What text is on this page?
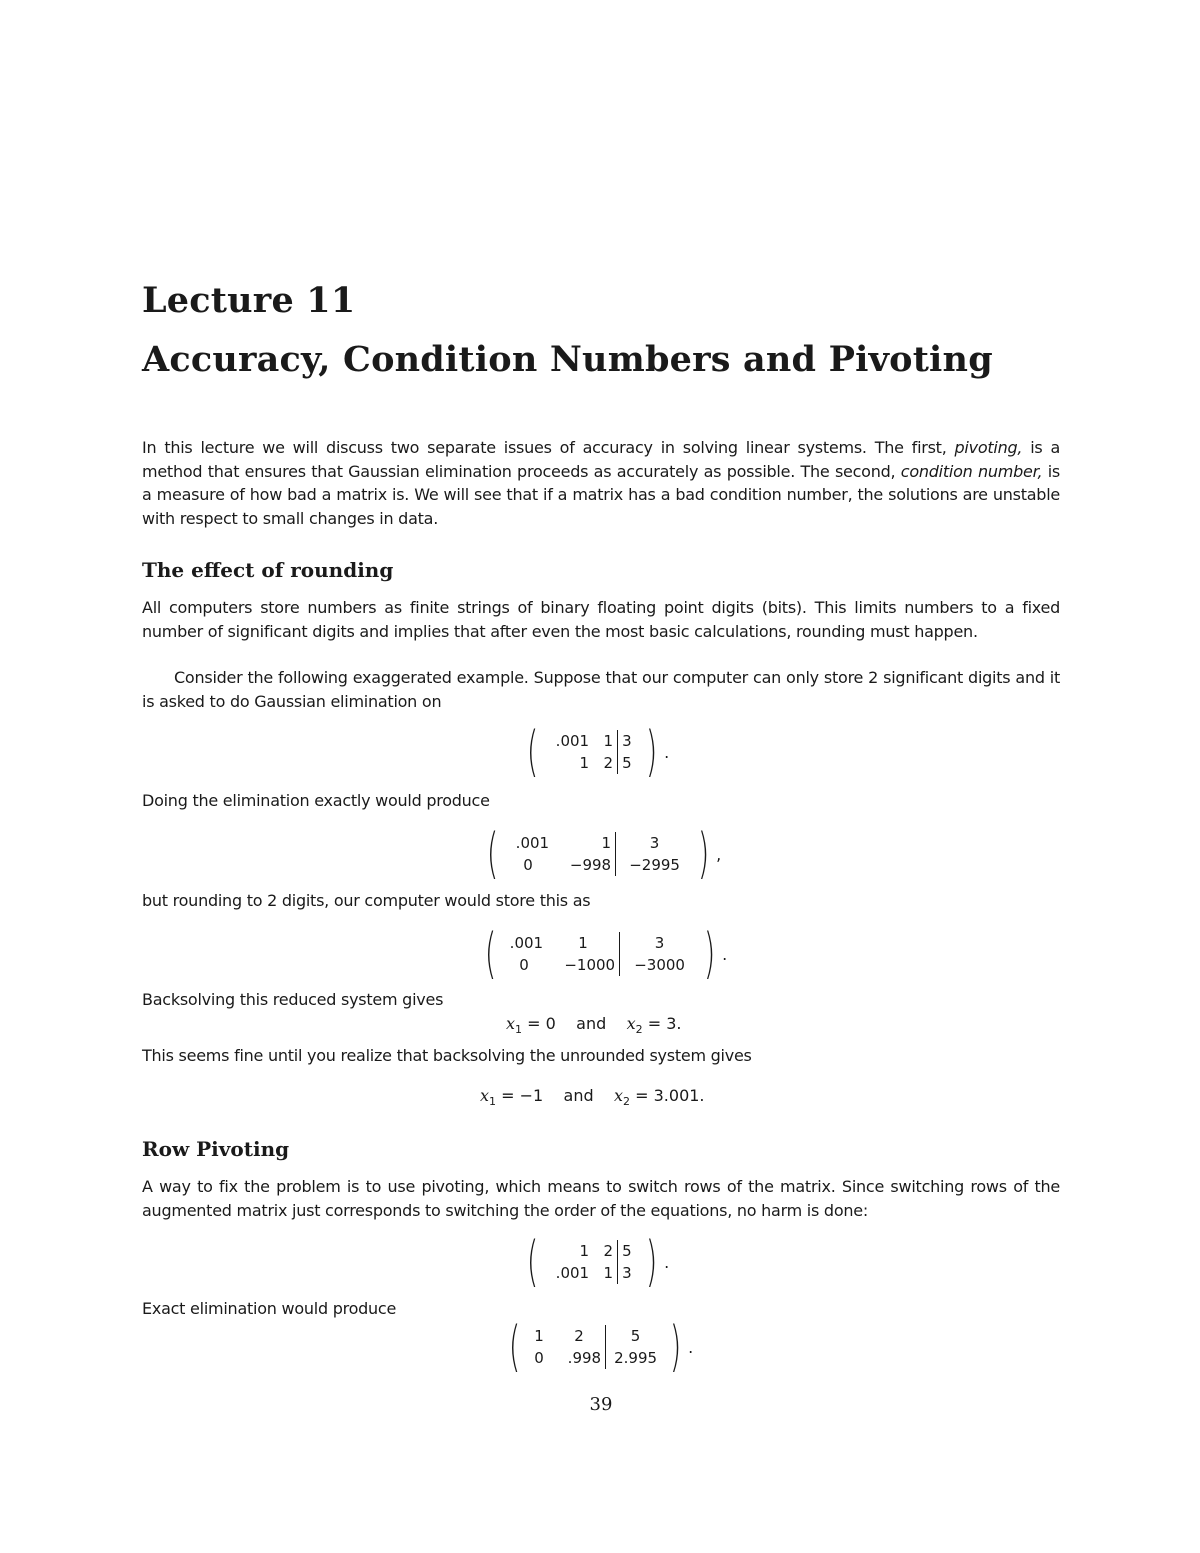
Lecture 11
Accuracy, Condition Numbers and Pivoting
In this lecture we will discuss two separate issues of accuracy in solving linear systems. The first, pivoting, is a method that ensures that Gaussian elimination proceeds as accurately as possible. The second, condition number, is a measure of how bad a matrix is. We will see that if a matrix has a bad condition number, the solutions are unstable with respect to small changes in data.
The effect of rounding
All computers store numbers as finite strings of binary floating point digits (bits). This limits numbers to a fixed number of significant digits and implies that after even the most basic calculations, rounding must happen.
Consider the following exaggerated example. Suppose that our computer can only store 2 significant digits and it is asked to do Gaussian elimination on
(	.001 1 3
1 2 5 ) .
Doing the elimination exactly would produce
(	.001	1	3
0	−998	−2995 ) ,
but rounding to 2 digits, our computer would store this as
( .001	1	3
0	−1000	−3000 ) .
Backsolving this reduced system gives
$x_1 = 0$ and $x_2 = 3$.
This seems fine until you realize that backsolving the unrounded system gives
$x_1 = -1$ and $x_2 = 3.001$.
Row Pivoting
A way to fix the problem is to use pivoting, which means to switch rows of the matrix. Since switching rows of the augmented matrix just corresponds to switching the order of the equations, no harm is done:
(	1 2 5
.001 1 3 ) .
Exact elimination would produce
( 1	2	5
0	.998 2.995 ) .
39
